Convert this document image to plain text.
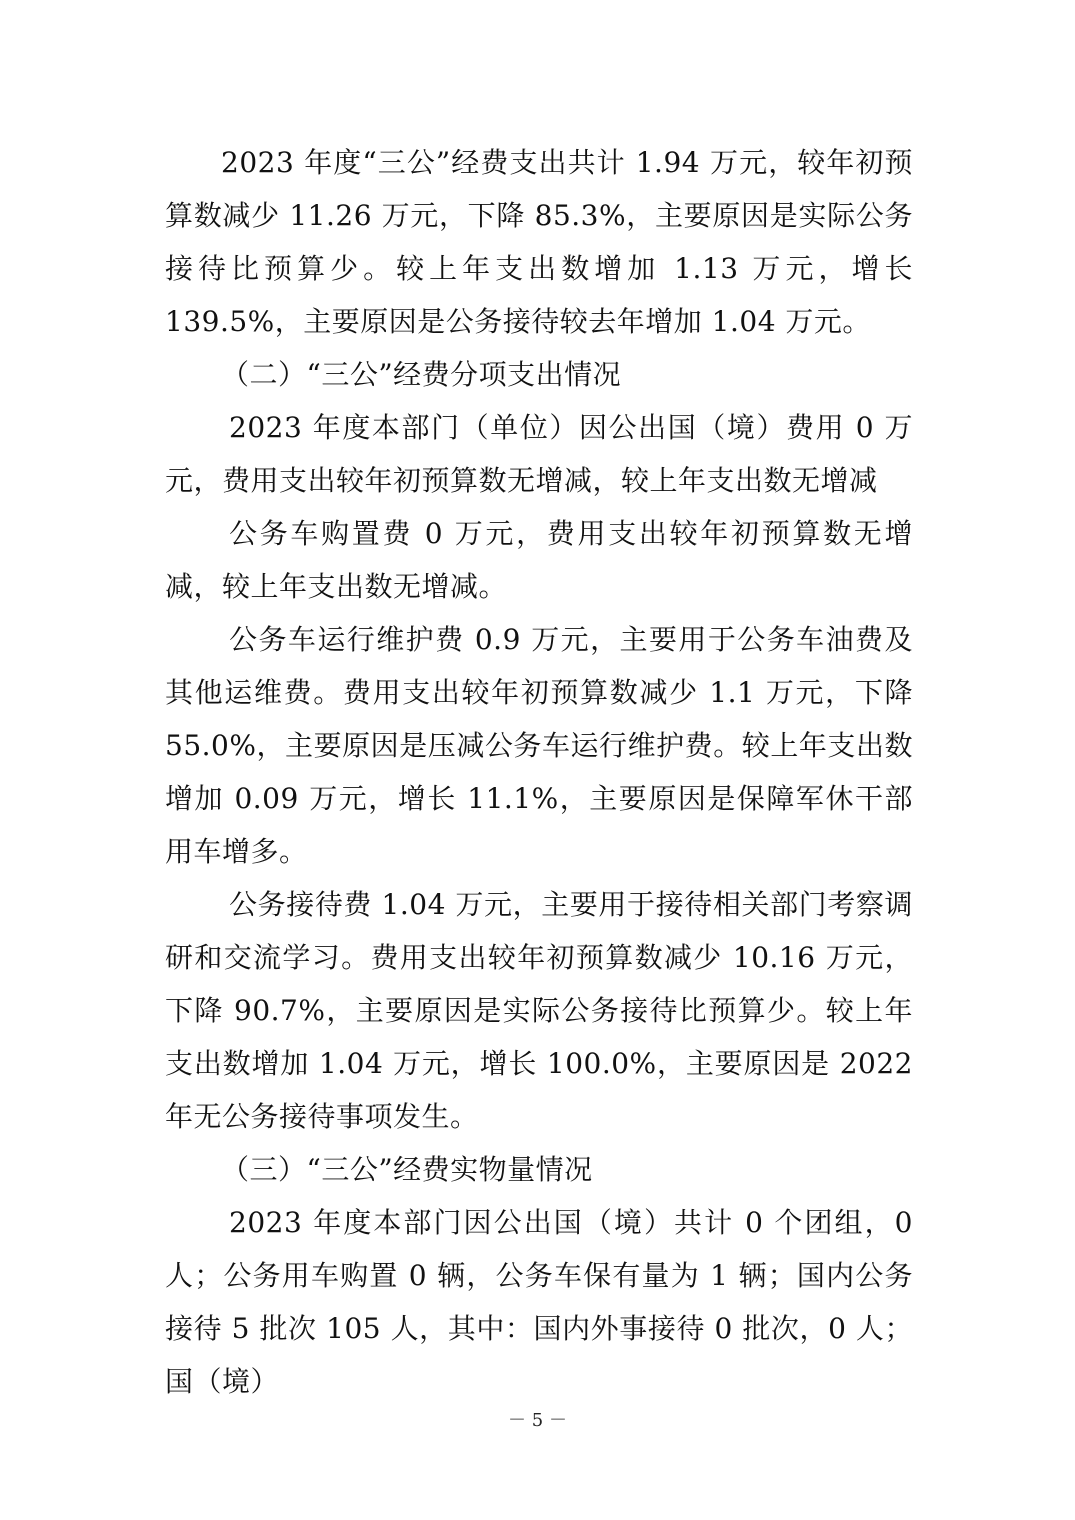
2023 年度“三公”经费支出共计 1.94 万元，较年初预算数减少 11.26 万元，下降 85.3%，主要原因是实际公务接待比预算少。较上年支出数增加 1.13 万元，增长 139.5%，主要原因是公务接待较去年增加 1.04 万元。

（二）“三公”经费分项支出情况

2023 年度本部门（单位）因公出国（境）费用 0 万元，费用支出较年初预算数无增减，较上年支出数无增减

公务车购置费 0 万元，费用支出较年初预算数无增减，较上年支出数无增减。

公务车运行维护费 0.9 万元，主要用于公务车油费及其他运维费。费用支出较年初预算数减少 1.1 万元，下降 55.0%，主要原因是压减公务车运行维护费。较上年支出数增加 0.09 万元，增长 11.1%，主要原因是保障军休干部用车增多。

公务接待费 1.04 万元，主要用于接待相关部门考察调研和交流学习。费用支出较年初预算数减少 10.16 万元，下降 90.7%，主要原因是实际公务接待比预算少。较上年支出数增加 1.04 万元，增长 100.0%，主要原因是 2022 年无公务接待事项发生。

（三）“三公”经费实物量情况

2023 年度本部门因公出国（境）共计 0 个团组，0 人；公务用车购置 0 辆，公务车保有量为 1 辆；国内公务接待 5 批次 105 人，其中：国内外事接待 0 批次，0 人；国（境）

－ 5 －
